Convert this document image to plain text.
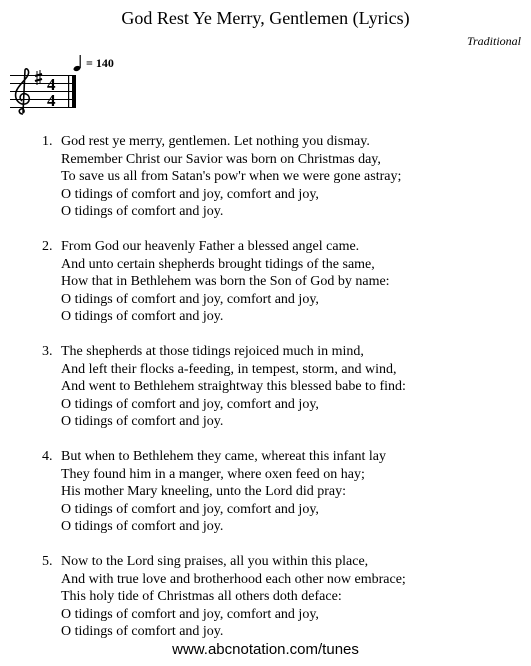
God Rest Ye Merry, Gentlemen (Lyrics)
Traditional
= 140
4
4
1. God rest ye merry, gentlemen. Let nothing you dismay.
Remember Christ our Savior was born on Christmas day,
To save us all from Satan's pow'r when we were gone astray;
O tidings of comfort and joy, comfort and joy,
O tidings of comfort and joy.
2. From God our heavenly Father a blessed angel came.
And unto certain shepherds brought tidings of the same,
How that in Bethlehem was born the Son of God by name:
O tidings of comfort and joy, comfort and joy,
O tidings of comfort and joy.
3. The shepherds at those tidings rejoiced much in mind,
And left their flocks a-feeding, in tempest, storm, and wind,
And went to Bethlehem straightway this blessed babe to find:
O tidings of comfort and joy, comfort and joy,
O tidings of comfort and joy.
4. But when to Bethlehem they came, whereat this infant lay
They found him in a manger, where oxen feed on hay;
His mother Mary kneeling, unto the Lord did pray:
O tidings of comfort and joy, comfort and joy,
O tidings of comfort and joy.
5. Now to the Lord sing praises, all you within this place,
And with true love and brotherhood each other now embrace;
This holy tide of Christmas all others doth deface:
O tidings of comfort and joy, comfort and joy,
O tidings of comfort and joy.
www.abcnotation.com/tunes
